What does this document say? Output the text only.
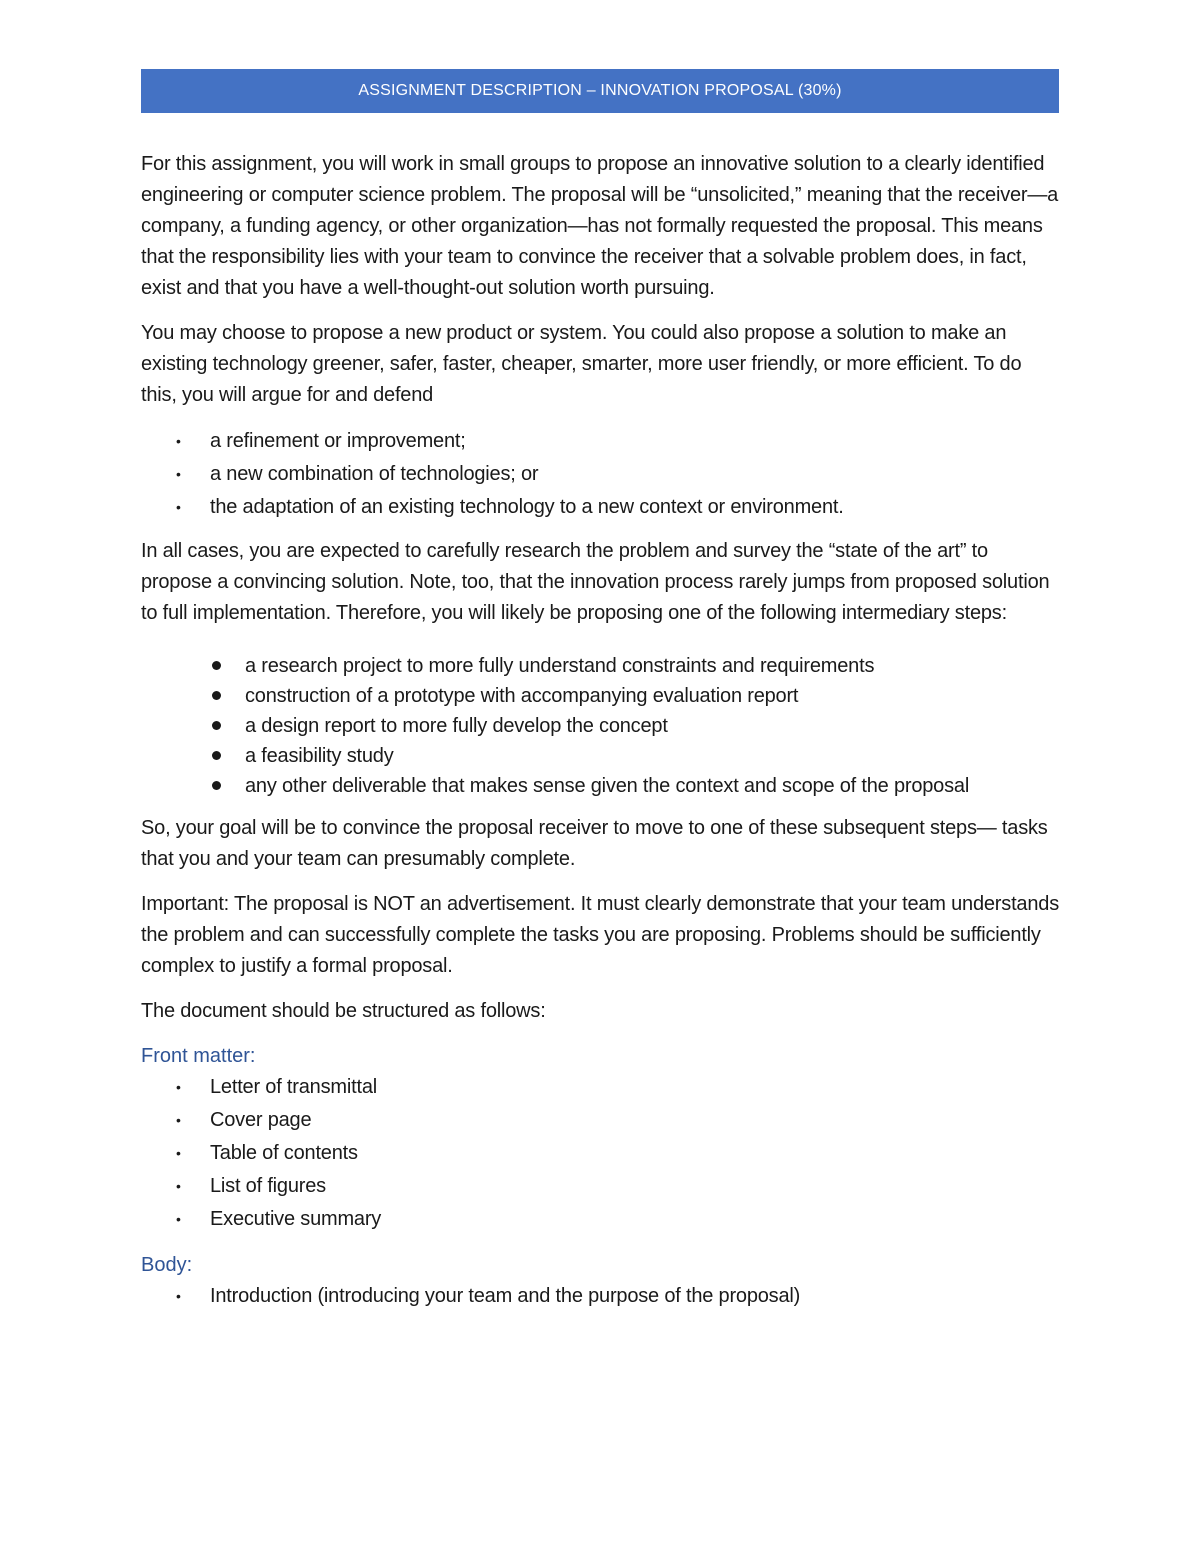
ASSIGNMENT DESCRIPTION – INNOVATION PROPOSAL (30%)

For this assignment, you will work in small groups to propose an innovative solution to a clearly identified engineering or computer science problem. The proposal will be “unsolicited,” meaning that the receiver—a company, a funding agency, or other organization—has not formally requested the proposal. This means that the responsibility lies with your team to convince the receiver that a solvable problem does, in fact, exist and that you have a well-thought-out solution worth pursuing.

You may choose to propose a new product or system. You could also propose a solution to make an existing technology greener, safer, faster, cheaper, smarter, more user friendly, or more efficient. To do this, you will argue for and defend

• a refinement or improvement;
• a new combination of technologies; or
• the adaptation of an existing technology to a new context or environment.

In all cases, you are expected to carefully research the problem and survey the “state of the art” to propose a convincing solution. Note, too, that the innovation process rarely jumps from proposed solution to full implementation. Therefore, you will likely be proposing one of the following intermediary steps:

a research project to more fully understand constraints and requirements
construction of a prototype with accompanying evaluation report
a design report to more fully develop the concept
a feasibility study
any other deliverable that makes sense given the context and scope of the proposal

So, your goal will be to convince the proposal receiver to move to one of these subsequent steps— tasks that you and your team can presumably complete.

Important: The proposal is NOT an advertisement. It must clearly demonstrate that your team understands the problem and can successfully complete the tasks you are proposing. Problems should be sufficiently complex to justify a formal proposal.

The document should be structured as follows:

Front matter:
• Letter of transmittal
• Cover page
• Table of contents
• List of figures
• Executive summary
Body:
• Introduction (introducing your team and the purpose of the proposal)
